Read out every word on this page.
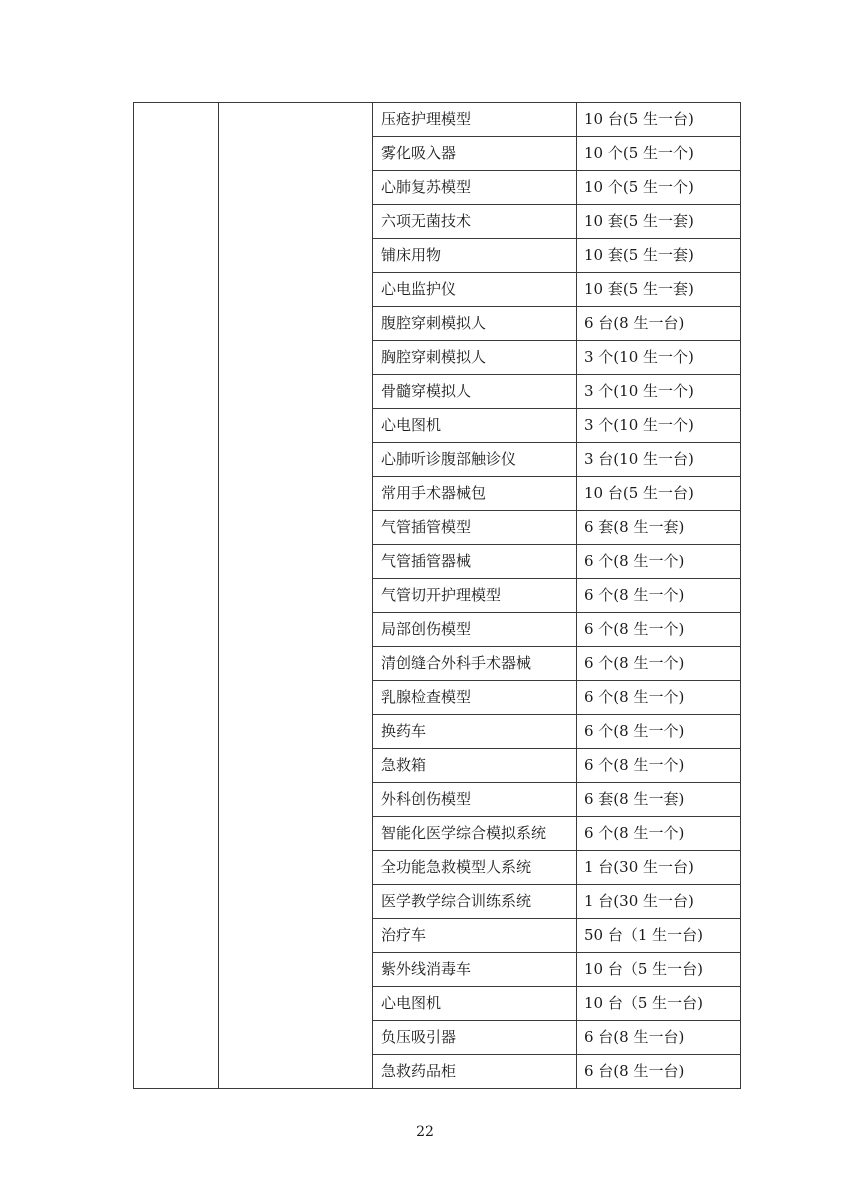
		压疮护理模型	10 台(5 生一台)
		雾化吸入器	10 个(5 生一个)
		心肺复苏模型	10 个(5 生一个)
		六项无菌技术	10 套(5 生一套)
		铺床用物	10 套(5 生一套)
		心电监护仪	10 套(5 生一套)
		腹腔穿刺模拟人	6 台(8 生一台)
		胸腔穿刺模拟人	3 个(10 生一个)
		骨髓穿模拟人	3 个(10 生一个)
		心电图机	3 个(10 生一个)
		心肺听诊腹部触诊仪	3 台(10 生一台)
		常用手术器械包	10 台(5 生一台)
		气管插管模型	6 套(8 生一套)
		气管插管器械	6 个(8 生一个)
		气管切开护理模型	6 个(8 生一个)
		局部创伤模型	6 个(8 生一个)
		清创缝合外科手术器械	6 个(8 生一个)
		乳腺检查模型	6 个(8 生一个)
		换药车	6 个(8 生一个)
		急救箱	6 个(8 生一个)
		外科创伤模型	6 套(8 生一套)
		智能化医学综合模拟系统	6 个(8 生一个)
		全功能急救模型人系统	1 台(30 生一台)
		医学教学综合训练系统	1 台(30 生一台)
		治疗车	50 台（1 生一台)
		紫外线消毒车	10 台（5 生一台)
		心电图机	10 台（5 生一台)
		负压吸引器	6 台(8 生一台)
		急救药品柜	6 台(8 生一台)
22
